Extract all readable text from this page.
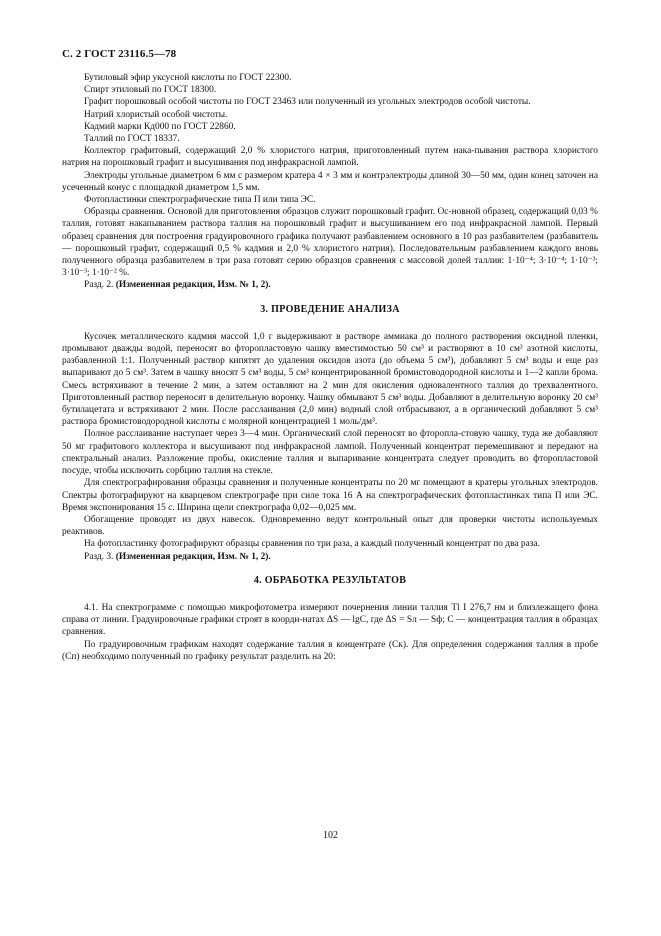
С. 2 ГОСТ 23116.5—78

Бутиловый эфир уксусной кислоты по ГОСТ 22300.

Спирт этиловый по ГОСТ 18300.

Графит порошковый особой чистоты по ГОСТ 23463 или полученный из угольных электродов особой чистоты.

Натрий хлористый особой чистоты.

Кадмий марки Кд000 по ГОСТ 22860.

Таллий по ГОСТ 18337.

Коллектор графитовый, содержащий 2,0 % хлористого натрия, приготовленный путем нака-пывания раствора хлористого натрия на порошковый графит и высушивания под инфракрасной лампой.

Электроды угольные диаметром 6 мм с размером кратера 4 × 3 мм и контрэлектроды длиной 30—50 мм, один конец заточен на усеченный конус с площадкой диаметром 1,5 мм.

Фотопластинки спектрографические типа П или типа ЭС.

Образцы сравнения. Основой для приготовления образцов служит порошковый графит. Ос-новной образец, содержащий 0,03 % таллия, готовят накапыванием раствора таллия на порошковый графит и высушиванием его под инфракрасной лампой. Первый образец сравнения для построения градуировочного графика получают разбавлением основного в 10 раз разбавителем (разбавитель — порошковый графит, содержащий 0,5 % кадмия и 2,0 % хлористого натрия). Последовательным разбавлением каждого вновь полученного образца разбавителем в три раза готовят серию образцов сравнения с массовой долей таллия: 1·10⁻⁴; 3·10⁻⁴; 1·10⁻³; 3·10⁻³; 1·10⁻² %.

Разд. 2. (Измененная редакция, Изм. № 1, 2).

3. ПРОВЕДЕНИЕ АНАЛИЗА

Кусочек металлического кадмия массой 1,0 г выдерживают в растворе аммиака до полного растворения оксидной пленки, промывают дважды водой, переносят во фторопластовую чашку вместимостью 50 см³ и растворяют в 10 см³ азотной кислоты, разбавленной 1:1. Полученный раствор кипятят до удаления оксидов азота (до объема 5 см³), добавляют 5 см³ воды и еще раз выпаривают до 5 см³. Затем в чашку вносят 5 см³ воды, 5 см³ концентрированной бромистоводородной кислоты и 1—2 капли брома. Смесь встряхивают в течение 2 мин, а затем оставляют на 2 мин для окисления одновалентного таллия до трехвалентного. Приготовленный раствор переносят в делительную воронку. Чашку обмывают 5 см³ воды. Добавляют в делительную воронку 20 см³ бутилацетата и встряхивают 2 мин. После расслаивания (2,0 мин) водный слой отбрасывают, а в органический добавляют 5 см³ раствора бромистоводородной кислоты с молярной концентрацией 1 моль/дм³.

Полное расслаивание наступает через 3—4 мин. Органический слой переносят во фторопла-стовую чашку, туда же добавляют 50 мг графитового коллектора и высушивают под инфракрасной лампой. Полученный концентрат перемешивают и передают на спектральный анализ. Разложение пробы, окисление таллия и выпаривание концентрата следует проводить во фторопластовой посуде, чтобы исключить сорбцию таллия на стекле.

Для спектрографирования образцы сравнения и полученные концентраты по 20 мг помещают в кратеры угольных электродов. Спектры фотографируют на кварцевом спектрографе при силе тока 16 А на спектрографических фотопластинках типа П или ЭС. Время экспонирования 15 с. Ширина щели спектрографа 0,02—0,025 мм.

Обогащение проводят из двух навесок. Одновременно ведут контрольный опыт для проверки чистоты используемых реактивов.

На фотопластинку фотографируют образцы сравнения по три раза, а каждый полученный концентрат по два раза.

Разд. 3. (Измененная редакция, Изм. № 1, 2).

4. ОБРАБОТКА РЕЗУЛЬТАТОВ

4.1. На спектрограмме с помощью микрофотометра измеряют почернения линии таллия Tl I 276,7 нм и близлежащего фона справа от линии. Градуировочные графики строят в коорди-натах ΔS — lgC, где ΔS = Sл — Sф; C — концентрация таллия в образцах сравнения.

По градуировочным графикам находят содержание таллия в концентрате (Cк). Для определения содержания таллия в пробе (Cп) необходимо полученный по графику результат разделить на 20:

102
